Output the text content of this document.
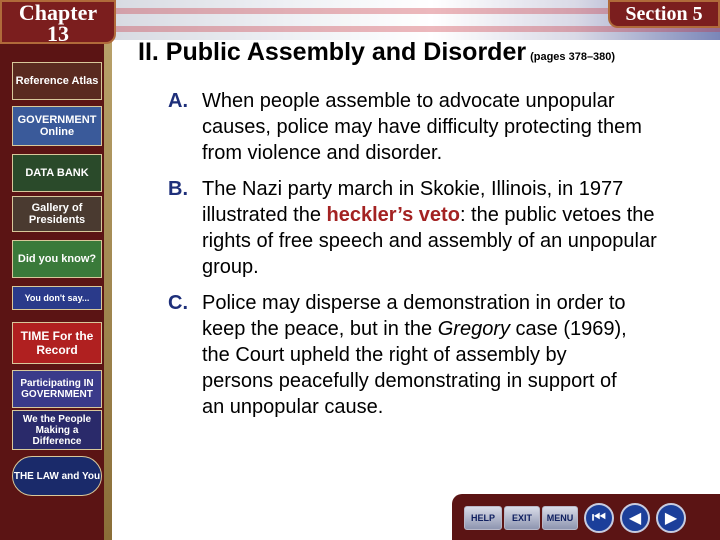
Chapter
13
Section 5
Reference Atlas
GOVERNMENT Online
DATA BANK
Gallery of Presidents
Did you know?
You don't say...
TIME For the Record
Participating IN GOVERNMENT
We the People Making a Difference
THE LAW and You
II. Public Assembly and Disorder (pages 378–380)
A. When people assemble to advocate unpopular causes, police may have difficulty protecting them from violence and disorder.
B. The Nazi party march in Skokie, Illinois, in 1977 illustrated the heckler’s veto: the public vetoes the rights of free speech and assembly of an unpopular group.
C. Police may disperse a demonstration in order to keep the peace, but in the Gregory case (1969), the Court upheld the right of assembly by persons peacefully demonstrating in support of an unpopular cause.
HELP	EXIT	MENU ⏮ ◀ ▶
